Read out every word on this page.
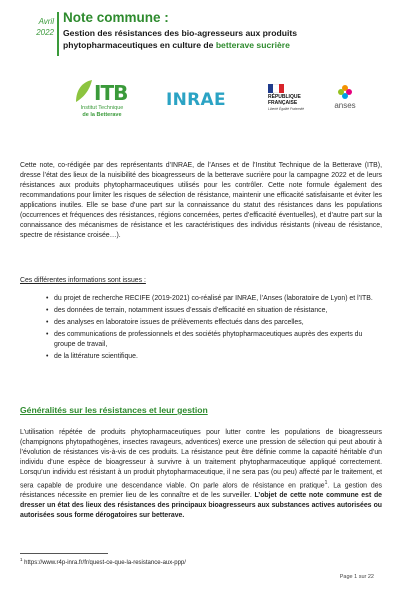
Avril
2022
Note commune :
Gestion des résistances des bio-agresseurs aux produits phytopharmaceutiques en culture de betterave sucrière
ITB
Institut Technique
de la Betterave
INRAE	RÉPUBLIQUE
FRANÇAISE
Liberté Égalité Fraternité	anses
Cette note, co-rédigée par des représentants d’INRAE, de l’Anses et de l’Institut Technique de la Betterave (ITB), dresse l’état des lieux de la nuisibilité des bioagresseurs de la betterave sucrière pour la campagne 2022 et de leurs résistances aux produits phytopharmaceutiques utilisés pour les contrôler. Cette note formule également des recommandations pour limiter les risques de sélection de résistance, maintenir une efficacité satisfaisante et éviter les applications inutiles. Elle se base d’une part sur la connaissance du statut des résistances dans les populations (occurrences et fréquences des résistances, régions concernées, pertes d’efficacité éventuelles), et d’autre part sur la connaissance des mécanismes de résistance et les caractéristiques des individus résistants (niveau de résistance, spectre de résistance croisée…).
Ces différentes informations sont issues :
• du projet de recherche RECIFE (2019-2021) co-réalisé par INRAE, l’Anses (laboratoire de Lyon) et l’ITB.
• des données de terrain, notamment issues d’essais d’efficacité en situation de résistance,
• des analyses en laboratoire issues de prélèvements effectués dans des parcelles,
• des communications de professionnels et des sociétés phytopharmaceutiques auprès des experts du groupe de travail,
• de la littérature scientifique.
Généralités sur les résistances et leur gestion
L’utilisation répétée de produits phytopharmaceutiques pour lutter contre les populations de bioagresseurs (champignons phytopathogènes, insectes ravageurs, adventices) exerce une pression de sélection qui peut aboutir à l’évolution de résistances vis-à-vis de ces produits. La résistance peut être définie comme la capacité héritable d’un individu d’une espèce de bioagresseur à survivre à un traitement phytopharmaceutique appliqué correctement. Lorsqu’un individu est résistant à un produit phytopharmaceutique, il ne sera pas (ou peu) affecté par le traitement, et sera capable de produire une descendance viable. On parle alors de résistance en pratique$^1$. La gestion des résistances nécessite en premier lieu de les connaître et de les surveiller. L’objet de cette note commune est de dresser un état des lieux des résistances des principaux bioagresseurs aux substances actives autorisées ou autorisées sous forme dérogatoires sur betterave.
$^1$ https://www.r4p-inra.fr/fr/quest-ce-que-la-resistance-aux-ppp/
Page 1 sur 22
